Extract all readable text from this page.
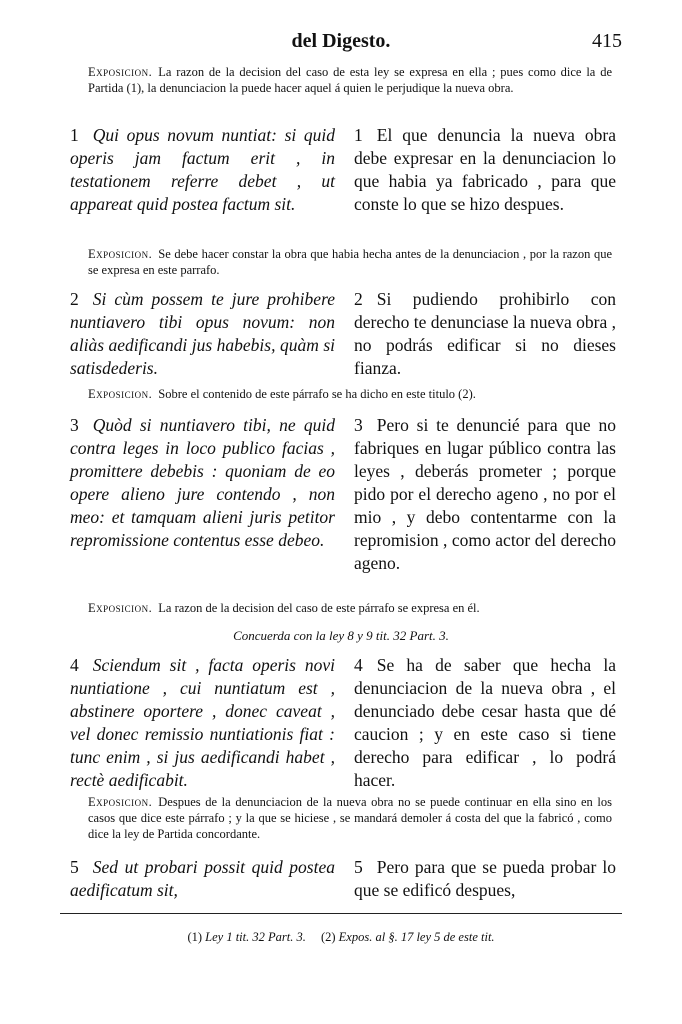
del Digesto.	415
Exposicion. La razon de la decision del caso de esta ley se expresa en ella ; pues como dice la de Partida (1), la denunciacion la puede hacer aquel á quien le perjudique la nueva obra.
1 Qui opus novum nuntiat: si quid operis jam factum erit , in testationem referre debet , ut appareat quid postea factum sit.
1 El que denuncia la nueva obra debe expresar en la denunciacion lo que habia ya fabricado , para que conste lo que se hizo despues.
Exposicion. Se debe hacer constar la obra que habia hecha antes de la denunciacion , por la razon que se expresa en este parrafo.
2 Si cùm possem te jure prohibere nuntiavero tibi opus novum: non aliàs aedificandi jus habebis, quàm si satisdederis.
2 Si pudiendo prohibirlo con derecho te denunciase la nueva obra , no podrás edificar si no dieses fianza.
Exposicion. Sobre el contenido de este párrafo se ha dicho en este titulo (2).
3 Quòd si nuntiavero tibi, ne quid contra leges in loco publico facias , promittere debebis : quoniam de eo opere alieno jure contendo , non meo: et tamquam alieni juris petitor repromissione contentus esse debeo.
3 Pero si te denuncié para que no fabriques en lugar público contra las leyes , deberás prometer ; porque pido por el derecho ageno , no por el mio , y debo contentarme con la repromision , como actor del derecho ageno.
Exposicion. La razon de la decision del caso de este párrafo se expresa en él.
Concuerda con la ley 8 y 9 tit. 32 Part. 3.
4 Sciendum sit , facta operis novi nuntiatione , cui nuntiatum est , abstinere oportere , donec caveat , vel donec remissio nuntiationis fiat : tunc enim , si jus aedificandi habet , rectè aedificabit.
4 Se ha de saber que hecha la denunciacion de la nueva obra , el denunciado debe cesar hasta que dé caucion ; y en este caso si tiene derecho para edificar , lo podrá hacer.
Exposicion. Despues de la denunciacion de la nueva obra no se puede continuar en ella sino en los casos que dice este párrafo ; y la que se hiciese , se mandará demoler á costa del que la fabricó , como dice la ley de Partida concordante.
5 Sed ut probari possit quid postea aedificatum sit,
5 Pero para que se pueda probar lo que se edificó despues,
(1) Ley 1 tit. 32 Part. 3. (2) Expos. al §. 17 ley 5 de este tit.
